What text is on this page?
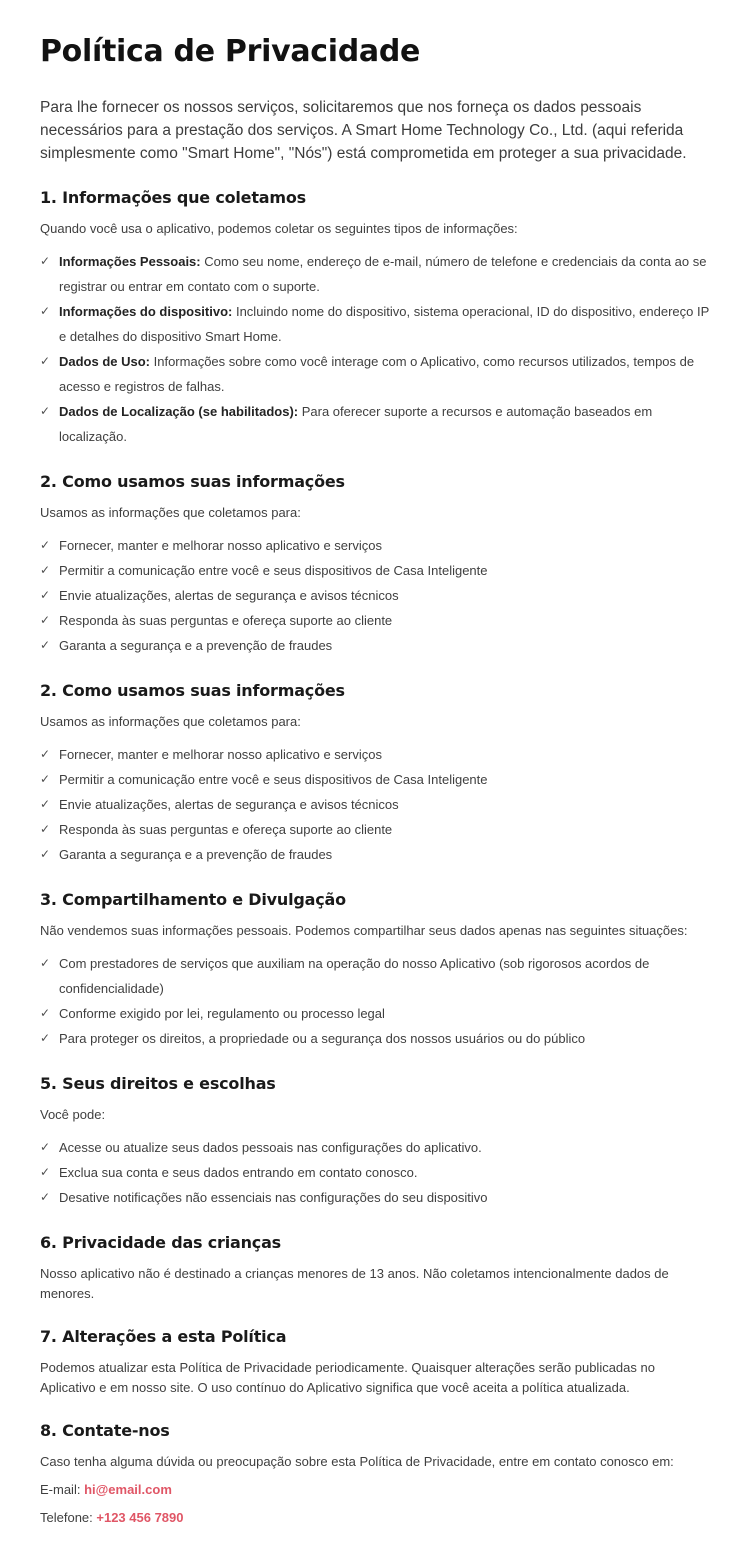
Política de Privacidade

Para lhe fornecer os nossos serviços, solicitaremos que nos forneça os dados pessoais necessários para a prestação dos serviços. A Smart Home Technology Co., Ltd. (aqui referida simplesmente como "Smart Home", "Nós") está comprometida em proteger a sua privacidade.

1. Informações que coletamos

Quando você usa o aplicativo, podemos coletar os seguintes tipos de informações:

✓ Informações Pessoais: Como seu nome, endereço de e-mail, número de telefone e credenciais da conta ao se registrar ou entrar em contato com o suporte.
✓ Informações do dispositivo: Incluindo nome do dispositivo, sistema operacional, ID do dispositivo, endereço IP e detalhes do dispositivo Smart Home.
✓ Dados de Uso: Informações sobre como você interage com o Aplicativo, como recursos utilizados, tempos de acesso e registros de falhas.
✓ Dados de Localização (se habilitados): Para oferecer suporte a recursos e automação baseados em localização.
2. Como usamos suas informações

Usamos as informações que coletamos para:

✓ Fornecer, manter e melhorar nosso aplicativo e serviços
✓ Permitir a comunicação entre você e seus dispositivos de Casa Inteligente
✓ Envie atualizações, alertas de segurança e avisos técnicos
✓ Responda às suas perguntas e ofereça suporte ao cliente
✓ Garanta a segurança e a prevenção de fraudes
2. Como usamos suas informações

Usamos as informações que coletamos para:

✓ Fornecer, manter e melhorar nosso aplicativo e serviços
✓ Permitir a comunicação entre você e seus dispositivos de Casa Inteligente
✓ Envie atualizações, alertas de segurança e avisos técnicos
✓ Responda às suas perguntas e ofereça suporte ao cliente
✓ Garanta a segurança e a prevenção de fraudes
3. Compartilhamento e Divulgação

Não vendemos suas informações pessoais. Podemos compartilhar seus dados apenas nas seguintes situações:

✓ Com prestadores de serviços que auxiliam na operação do nosso Aplicativo (sob rigorosos acordos de confidencialidade)
✓ Conforme exigido por lei, regulamento ou processo legal
✓ Para proteger os direitos, a propriedade ou a segurança dos nossos usuários ou do público
5. Seus direitos e escolhas

Você pode:

✓ Acesse ou atualize seus dados pessoais nas configurações do aplicativo.
✓ Exclua sua conta e seus dados entrando em contato conosco.
✓ Desative notificações não essenciais nas configurações do seu dispositivo
6. Privacidade das crianças

Nosso aplicativo não é destinado a crianças menores de 13 anos. Não coletamos intencionalmente dados de menores.

7. Alterações a esta Política

Podemos atualizar esta Política de Privacidade periodicamente. Quaisquer alterações serão publicadas no Aplicativo e em nosso site. O uso contínuo do Aplicativo significa que você aceita a política atualizada.

8. Contate-nos

Caso tenha alguma dúvida ou preocupação sobre esta Política de Privacidade, entre em contato conosco em:

E-mail: hi@email.com

Telefone: +123 456 7890
